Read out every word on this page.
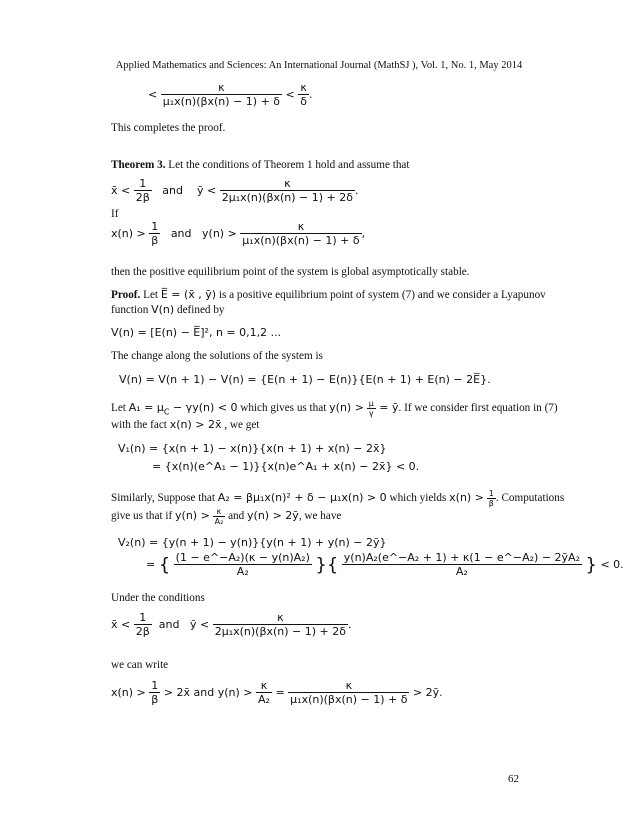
Applied Mathematics and Sciences: An International Journal (MathSJ ), Vol. 1, No. 1, May 2014
< $\frac{\kappa}{\text{μ₁x(n)(βx(n) − 1) + δ}} < \frac{\kappa}{\delta}$ .
This completes the proof.
Theorem 3. Let the conditions of Theorem 1 hold and assume that
x̄ < $\frac{1}{2\beta}$ and ȳ < $\frac{\kappa}{\text{2μ₁x(n)(βx(n) − 1) + 2δ}}$ .
If
$x(n) > \frac{1}{\beta}$ and $y(n) > \frac{\kappa}{\text{μ₁x(n)(βx(n) − 1) + δ}}$ ,
then the positive equilibrium point of the system is global asymptotically stable.
Proof. Let E̅ = (x̄ , ȳ) is a positive equilibrium point of system (7) and we consider a Lyapunov
function V(n) defined by
V(n) = [E(n) − E̅]², n = 0,1,2 ...
The change along the solutions of the system is
V(n) = V(n + 1) − V(n) = {E(n + 1) − E(n)}{E(n + 1) + E(n) − 2E̅}.
Let $A_1 = \mu_C - \gamma y(n) < 0$ which gives us that $y(n) > \frac{\mu}{\gamma}$ = ȳ. If we consider first equation in (7)
with the fact x(n) > 2x̄ , we get
V₁(n) = {x(n + 1) − x(n)}{x(n + 1) + x(n) − 2x̄}
= {x(n)(e^A₁ − 1)}{x(n)e^A₁ + x(n) − 2x̄} < 0.
Similarly, Suppose that A₂ = βμ₁x(n)² + δ − μ₁x(n) > 0 which yields $x(n) > \frac{1}{\beta}$ . Computations
give us that if $y(n) > \frac{\kappa}{\text{A₂}}$ and y(n) > 2ȳ, we have
V₂(n) = {y(n + 1) − y(n)}{y(n + 1) + y(n) − 2ȳ}
= { $\frac{\text{(1 − e\textasciicircum{}−A₂)(κ − y(n)A₂)}}{\text{A₂}}$ }{ $\frac{\text{y(n)A₂(e\textasciicircum{}−A₂ + 1) + κ(1 − e\textasciicircum{}−A₂) − 2ȳA₂}}{\text{A₂}}$ } < 0.
Under the conditions
x̄ < $\frac{1}{2\beta}$ and ȳ < $\frac{\kappa}{\text{2μ₁x(n)(βx(n) − 1) + 2δ}}$ .
we can write
$x(n) > \frac{1}{\beta}$ > 2x̄ and $y(n) > \frac{\kappa}{\text{A₂}} = \frac{\kappa}{\text{μ₁x(n)(βx(n) − 1) + δ}}$ > 2ȳ.
62
